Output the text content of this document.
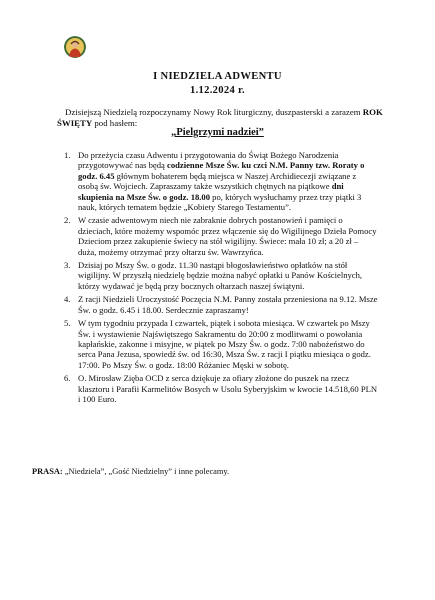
I NIEDZIELA ADWENTU
1.12.2024 r.
Dzisiejszą Niedzielą rozpoczynamy Nowy Rok liturgiczny, duszpasterski a zarazem ROK ŚWIĘTY pod hasłem:
„Pielgrzymi nadziei”
1. Do przeżycia czasu Adwentu i przygotowania do Świąt Bożego Narodzenia przygotowywać nas będą codzienne Msze Św. ku czci N.M. Panny tzw. Roraty o godz. 6.45 głównym bohaterem będą miejsca w Naszej Archidiecezji związane z osobą św. Wojciech. Zapraszamy także wszystkich chętnych na piątkowe dni skupienia na Msze Św. o godz. 18.00 po, których wysłuchamy przez trzy piątki 3 nauk, których tematem będzie „Kobiety Starego Testamentu”.
2. W czasie adwentowym niech nie zabraknie dobrych postanowień i pamięci o dzieciach, które możemy wspomóc przez włączenie się do Wigilijnego Dzieła Pomocy Dzieciom przez zakupienie świecy na stół wigilijny. Świece: mała 10 zł; a 20 zł – duża, możemy otrzymać przy ołtarzu św. Wawrzyńca.
3. Dzisiaj po Mszy Św. o godz. 11.30 nastąpi błogosławieństwo opłatków na stół wigilijny. W przyszłą niedzielę będzie można nabyć opłatki u Panów Kościelnych, którzy wydawać je będą przy bocznych ołtarzach naszej świątyni.
4. Z racji Niedzieli Uroczystość Poczęcia N.M. Panny została przeniesiona na 9.12. Msze Św. o godz. 6.45 i 18.00. Serdecznie zapraszamy!
5. W tym tygodniu przypada I czwartek, piątek i sobota miesiąca. W czwartek po Mszy Św. i wystawienie Najświętszego Sakramentu do 20:00 z modlitwami o powołania kapłańskie, zakonne i misyjne, w piątek po Mszy Św. o godz. 7:00 nabożeństwo do serca Pana Jezusa, spowiedź św. od 16:30, Msza Św. z racji I piątku miesiąca o godz. 17:00. Po Mszy Św. o godz. 18:00 Różaniec Męski w sobotę.
6. O. Mirosław Zięba OCD z serca dziękuje za ofiary złożone do puszek na rzecz klasztoru i Parafii Karmelitów Bosych w Usolu Syberyjskim w kwocie 14.518,60 PLN i 100 Euro.
PRASA: „Niedziela”, „Gość Niedzielny” i inne polecamy.
